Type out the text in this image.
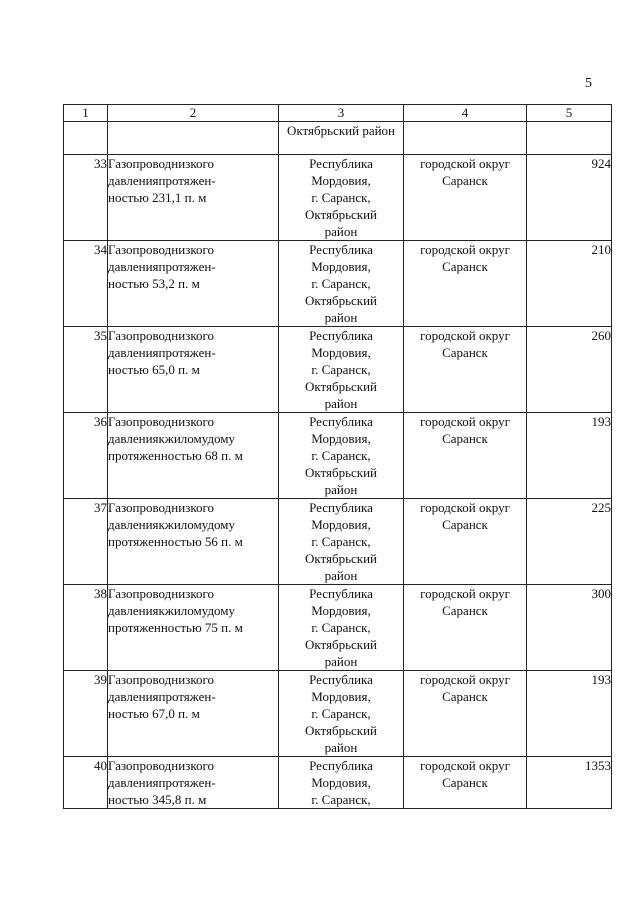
5
1	2	3	4	5

		Октябрьский район		

33	Газопроводнизкого
давленияпротяжен-
ностью 231,1 п. м	Республика
Мордовия,
г. Саранск,
Октябрьский
район	городской округ
Саранск	924
34	Газопроводнизкого
давленияпротяжен-
ностью 53,2 п. м	Республика
Мордовия,
г. Саранск,
Октябрьский
район	городской округ
Саранск	210
35	Газопроводнизкого
давленияпротяжен-
ностью 65,0 п. м	Республика
Мордовия,
г. Саранск,
Октябрьский
район	городской округ
Саранск	260
36	Газопроводнизкого
давлениякжиломудому
протяженностью 68 п. м	Республика
Мордовия,
г. Саранск,
Октябрьский
район	городской округ
Саранск	193
37	Газопроводнизкого
давлениякжиломудому
протяженностью 56 п. м	Республика
Мордовия,
г. Саранск,
Октябрьский
район	городской округ
Саранск	225
38	Газопроводнизкого
давлениякжиломудому
протяженностью 75 п. м	Республика
Мордовия,
г. Саранск,
Октябрьский
район	городской округ
Саранск	300
39	Газопроводнизкого
давленияпротяжен-
ностью 67,0 п. м	Республика
Мордовия,
г. Саранск,
Октябрьский
район	городской округ
Саранск	193
40	Газопроводнизкого
давленияпротяжен-
ностью 345,8 п. м	Республика
Мордовия,
г. Саранск,	городской округ
Саранск	1353
